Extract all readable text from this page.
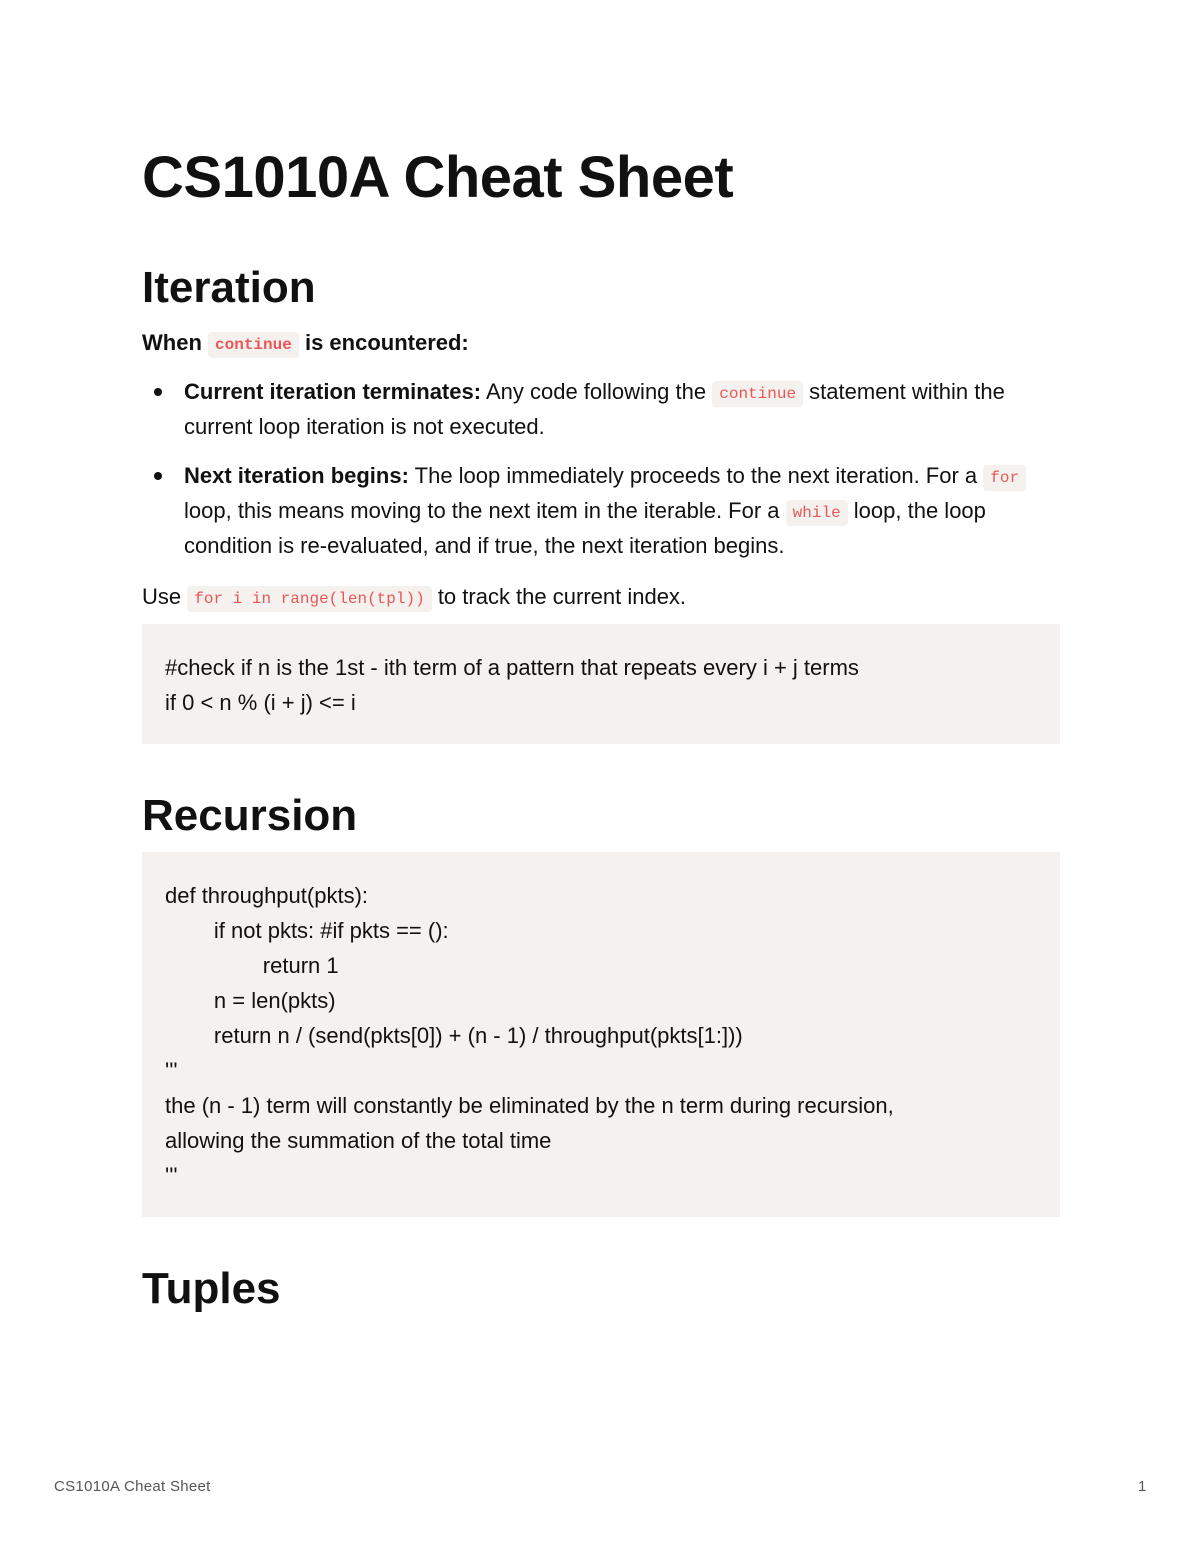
CS1010A Cheat Sheet
Iteration

When continue is encountered:

Current iteration terminates: Any code following the continue statement within the current loop iteration is not executed.
Next iteration begins: The loop immediately proceeds to the next iteration. For a for loop, this means moving to the next item in the iterable. For a while loop, the loop condition is re-evaluated, and if true, the next iteration begins.

Use for i in range(len(tpl)) to track the current index.

#check if n is the 1st - ith term of a pattern that repeats every i + j terms
if 0 < n % (i + j) <= i
Recursion
def throughput(pkts):
if not pkts: #if pkts == ():
return 1
n = len(pkts)
return n / (send(pkts[0]) + (n - 1) / throughput(pkts[1:]))
'''
the (n - 1) term will constantly be eliminated by the n term during recursion,
allowing the summation of the total time
'''
Tuples
CS1010A Cheat Sheet	1
